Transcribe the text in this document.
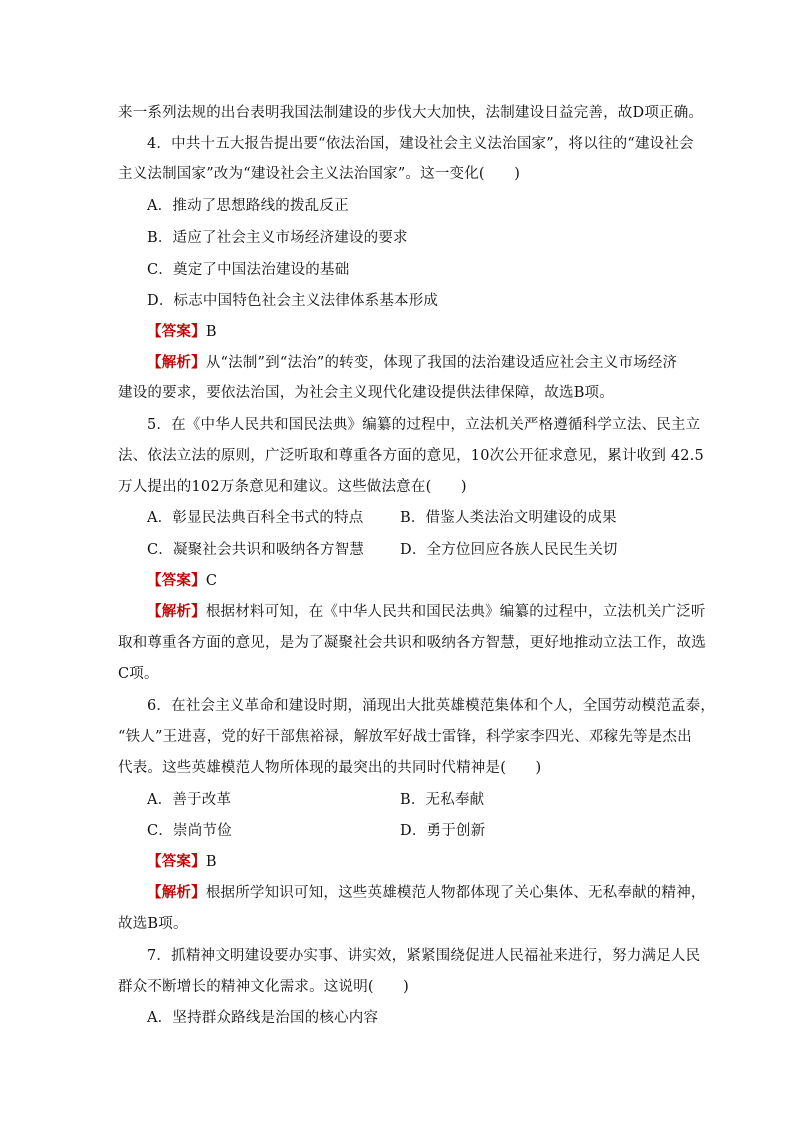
来一系列法规的出台表明我国法制建设的步伐大大加快，法制建设日益完善，故D项正确。
4．中共十五大报告提出要“依法治国，建设社会主义法治国家”，将以往的“建设社会
主义法制国家”改为“建设社会主义法治国家”。这一变化(　　)
A．推动了思想路线的拨乱反正
B．适应了社会主义市场经济建设的要求
C．奠定了中国法治建设的基础
D．标志中国特色社会主义法律体系基本形成
【答案】B
【解析】从“法制”到“法治”的转变，体现了我国的法治建设适应社会主义市场经济
建设的要求，要依法治国，为社会主义现代化建设提供法律保障，故选B项。
5．在《中华人民共和国民法典》编纂的过程中，立法机关严格遵循科学立法、民主立
法、依法立法的原则，广泛听取和尊重各方面的意见，10次公开征求意见，累计收到 42.5
万人提出的102万条意见和建议。这些做法意在(　　)
A．彰显民法典百科全书式的特点	B．借鉴人类法治文明建设的成果
C．凝聚社会共识和吸纳各方智慧 D．全方位回应各族人民民生关切
【答案】C
【解析】根据材料可知，在《中华人民共和国民法典》编纂的过程中，立法机关广泛听
取和尊重各方面的意见，是为了凝聚社会共识和吸纳各方智慧，更好地推动立法工作，故选
C项。
6．在社会主义革命和建设时期，涌现出大批英雄模范集体和个人，全国劳动模范孟泰，
“铁人”王进喜，党的好干部焦裕禄，解放军好战士雷锋，科学家李四光、邓稼先等是杰出
代表。这些英雄模范人物所体现的最突出的共同时代精神是(　　)
A．善于改革	B．无私奉献
C．崇尚节俭	D．勇于创新
【答案】B
【解析】根据所学知识可知，这些英雄模范人物都体现了关心集体、无私奉献的精神，
故选B项。
7．抓精神文明建设要办实事、讲实效，紧紧围绕促进人民福祉来进行，努力满足人民
群众不断增长的精神文化需求。这说明(　　)
A．坚持群众路线是治国的核心内容
